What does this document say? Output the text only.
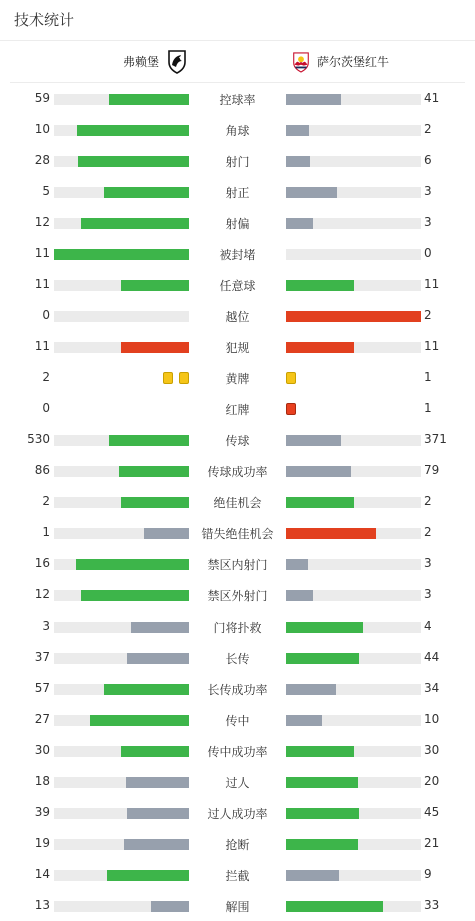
技术统计
弗赖堡	萨尔茨堡红牛
59	控球率	41
10	角球	2
28	射门	6
5	射正	3
12	射偏	3
11	被封堵	0
11	任意球	11
0	越位	2
11	犯规	11
2	黄牌	1
0	红牌	1
530	传球	371
86	传球成功率	79
2	绝佳机会	2
1	错失绝佳机会	2
16	禁区内射门	3
12	禁区外射门	3
3	门将扑救	4
37	长传	44
57	长传成功率	34
27	传中	10
30	传中成功率	30
18	过人	20
39	过人成功率	45
19	抢断	21
14	拦截	9
13	解围	33
